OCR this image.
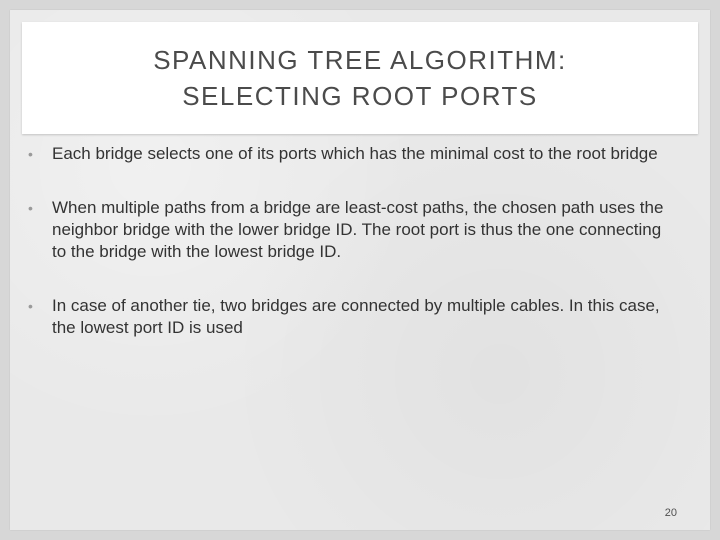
SPANNING TREE ALGORITHM:
SELECTING ROOT PORTS
•	Each bridge selects one of its ports which has the minimal cost to the root bridge
•	When multiple paths from a bridge are least-cost paths, the chosen path uses the neighbor bridge with the lower bridge ID. The root port is thus the one connecting to the bridge with the lowest bridge ID.
•	In case of another tie, two bridges are connected by multiple cables. In this case, the lowest port ID is used
20
